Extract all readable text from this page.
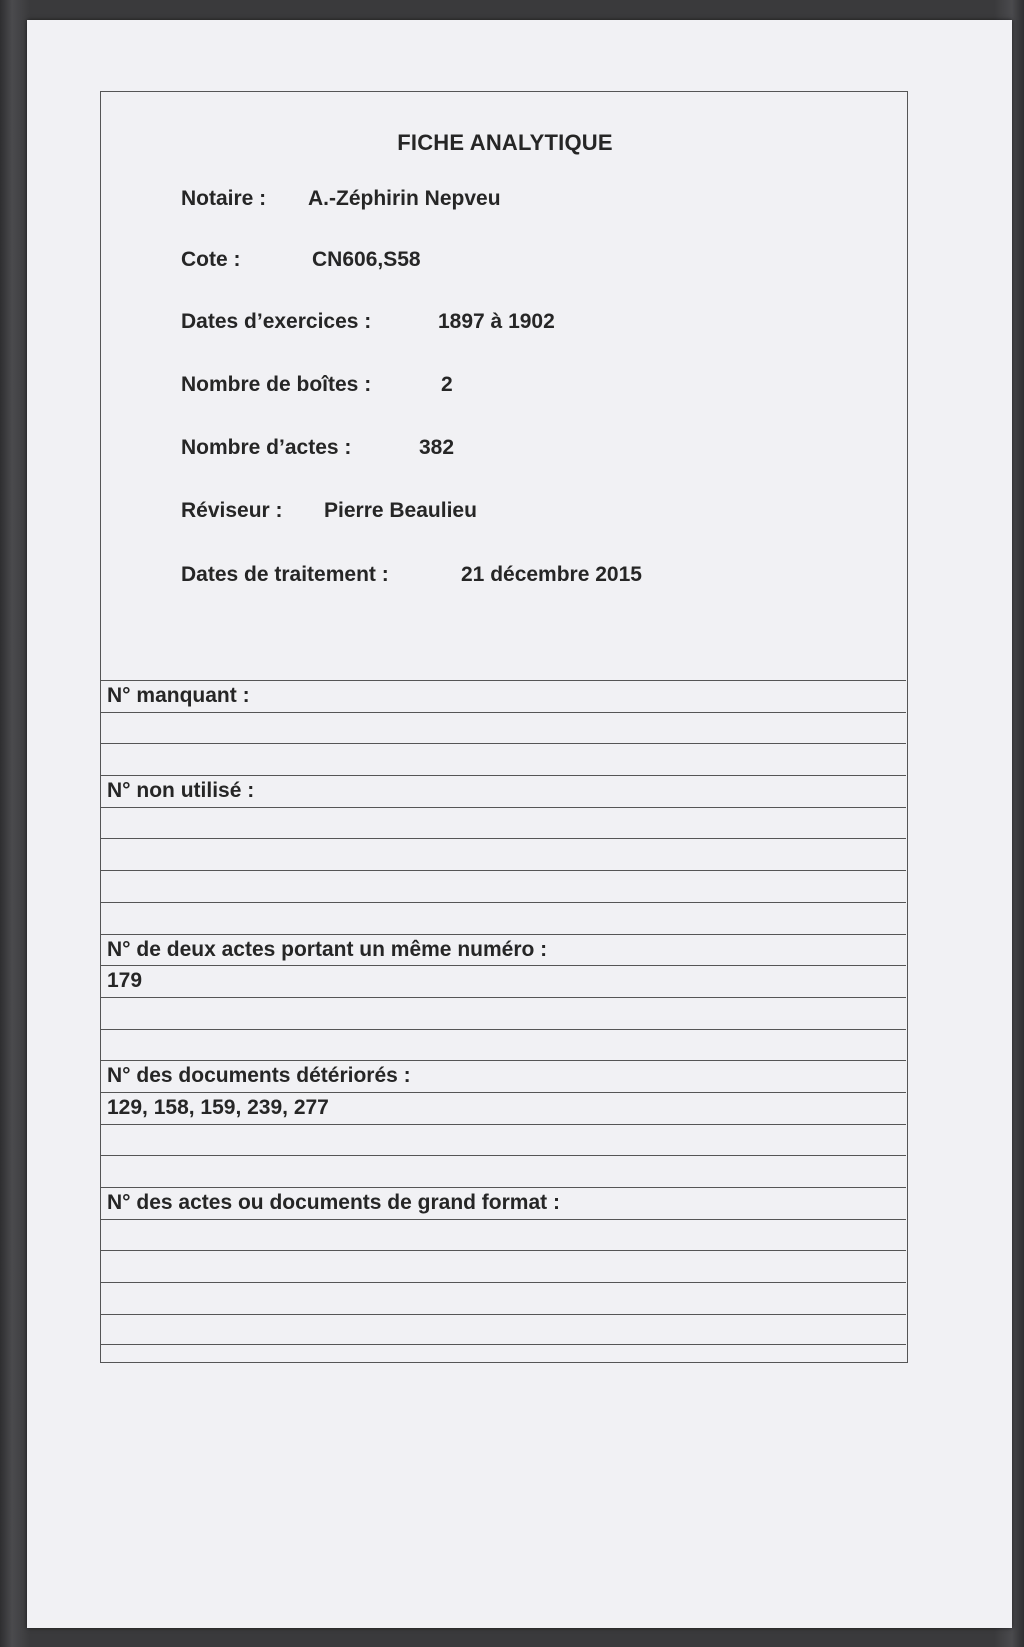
FICHE ANALYTIQUE
Notaire : A.-Zéphirin Nepveu
Cote :	CN606,S58
Dates d’exercices :	1897 à 1902
Nombre de boîtes :	2
Nombre d’actes :	382
Réviseur : Pierre Beaulieu
Dates de traitement :	21 décembre 2015
N° manquant :
N° non utilisé :
N° de deux actes portant un même numéro :
179
N° des documents détériorés :
129, 158, 159, 239, 277
N° des actes ou documents de grand format :
